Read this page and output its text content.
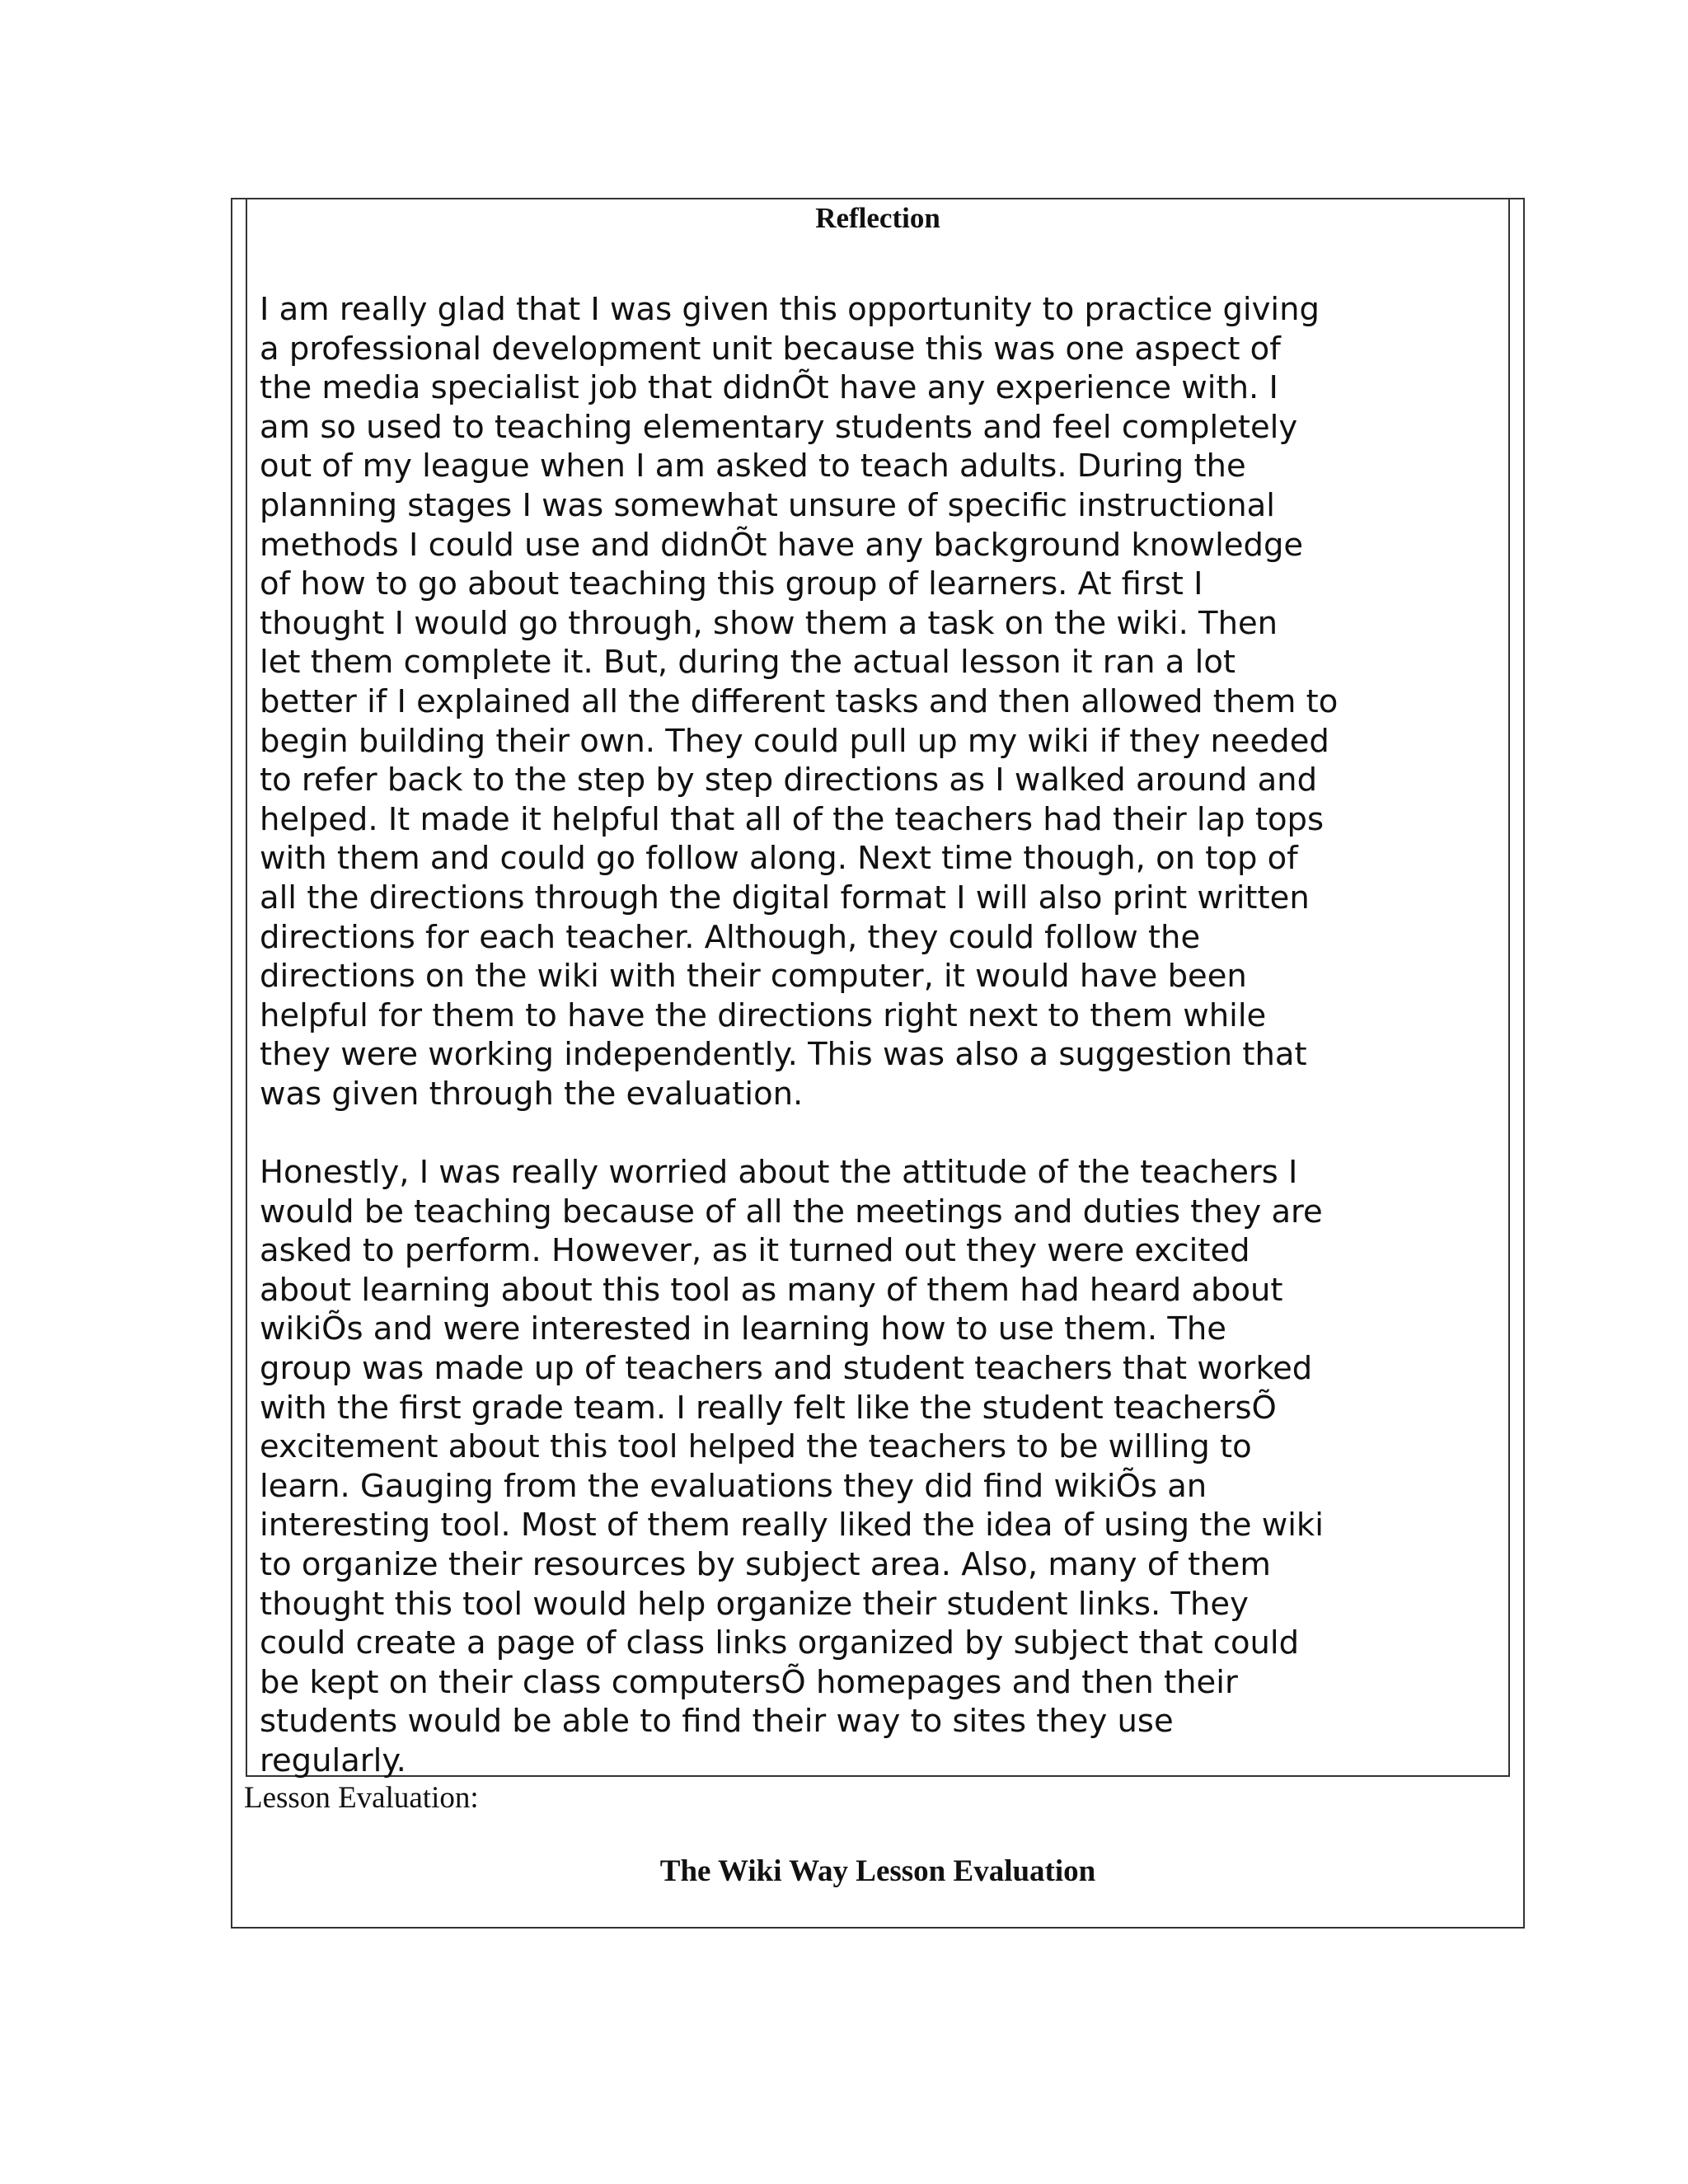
Reflection

I am really glad that I was given this opportunity to practice giving
a professional development unit because this was one aspect of
the media specialist job that didnÕt have any experience with. I
am so used to teaching elementary students and feel completely
out of my league when I am asked to teach adults. During the
planning stages I was somewhat unsure of specific instructional
methods I could use and didnÕt have any background knowledge
of how to go about teaching this group of learners. At first I
thought I would go through, show them a task on the wiki. Then
let them complete it. But, during the actual lesson it ran a lot
better if I explained all the different tasks and then allowed them to
begin building their own. They could pull up my wiki if they needed
to refer back to the step by step directions as I walked around and
helped. It made it helpful that all of the teachers had their lap tops
with them and could go follow along. Next time though, on top of
all the directions through the digital format I will also print written
directions for each teacher. Although, they could follow the
directions on the wiki with their computer, it would have been
helpful for them to have the directions right next to them while
they were working independently. This was also a suggestion that
was given through the evaluation.

Honestly, I was really worried about the attitude of the teachers I
would be teaching because of all the meetings and duties they are
asked to perform. However, as it turned out they were excited
about learning about this tool as many of them had heard about
wikiÕs and were interested in learning how to use them. The
group was made up of teachers and student teachers that worked
with the first grade team. I really felt like the student teachersÕ
excitement about this tool helped the teachers to be willing to
learn. Gauging from the evaluations they did find wikiÕs an
interesting tool. Most of them really liked the idea of using the wiki
to organize their resources by subject area. Also, many of them
thought this tool would help organize their student links. They
could create a page of class links organized by subject that could
be kept on their class computersÕ homepages and then their
students would be able to find their way to sites they use
regularly.

Lesson Evaluation:
The Wiki Way Lesson Evaluation
